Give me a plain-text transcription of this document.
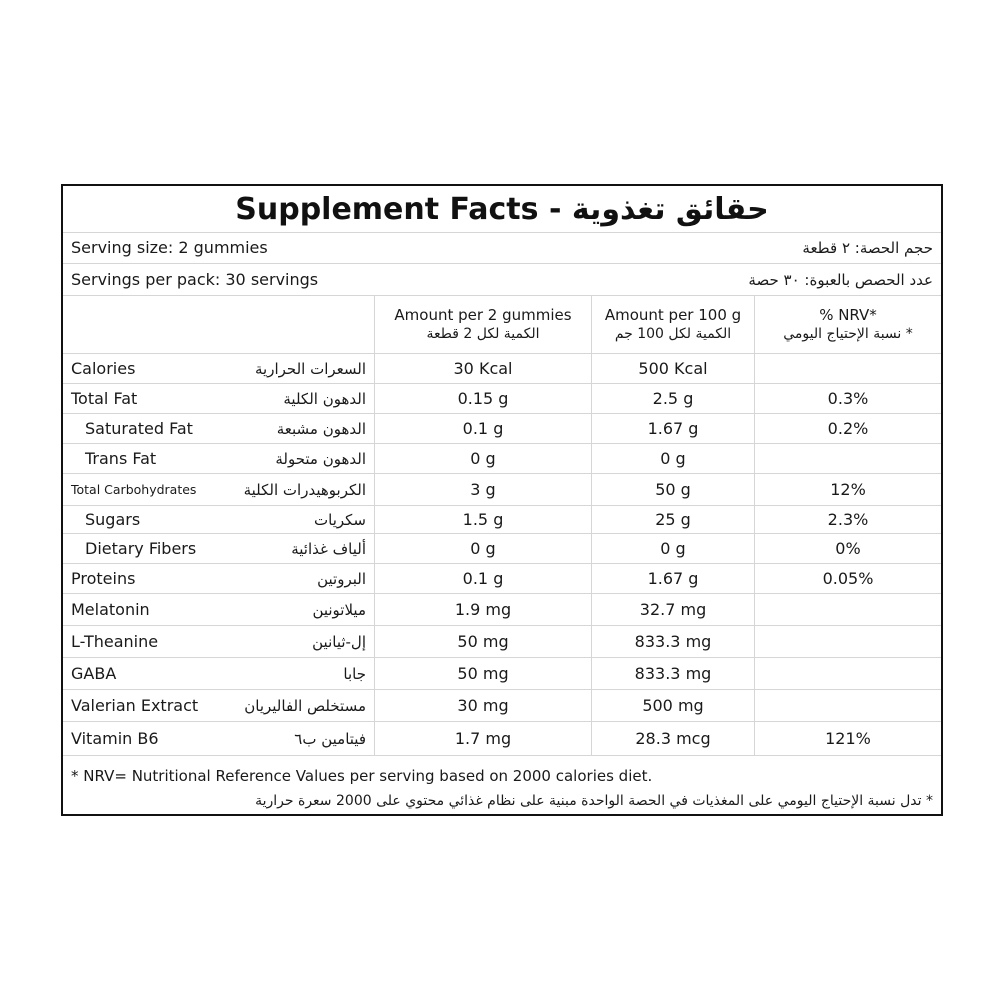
Supplement Facts -
حقائق تغذوية
Serving size: 2 gummies	حجم الحصة: ٢ قطعة
Servings per pack: 30 servings	عدد الحصص بالعبوة: ٣٠ حصة
Amount per 2 gummies
الكمية لكل 2 قطعة
Amount per 100 g
الكمية لكل 100 جم
% NRV*
* نسبة الإحتياج اليومي
Calories	السعرات الحرارية	30 Kcal	500 Kcal
Total Fat	الدهون الكلية	0.15 g	2.5 g	0.3%
Saturated Fat	الدهون مشبعة	0.1 g	1.67 g	0.2%
Trans Fat	الدهون متحولة	0 g	0 g
Total Carbohydrates	الكربوهيدرات الكلية	3 g	50 g	12%
Sugars	سكريات	1.5 g	25 g	2.3%
Dietary Fibers	ألياف غذائية	0 g	0 g	0%
Proteins	البروتين	0.1 g	1.67 g	0.05%
Melatonin	ميلاتونين	1.9 mg	32.7 mg
L-Theanine	إل-ثيانين	50 mg	833.3 mg
GABA	جابا	50 mg	833.3 mg
Valerian Extract	مستخلص الفاليريان	30 mg	500 mg
Vitamin B6	فيتامين ب٦	1.7 mg	28.3 mcg	121%
* NRV= Nutritional Reference Values per serving based on 2000 calories diet.
* تدل نسبة الإحتياج اليومي على المغذيات في الحصة الواحدة مبنية على نظام غذائي محتوي على 2000 سعرة حرارية
